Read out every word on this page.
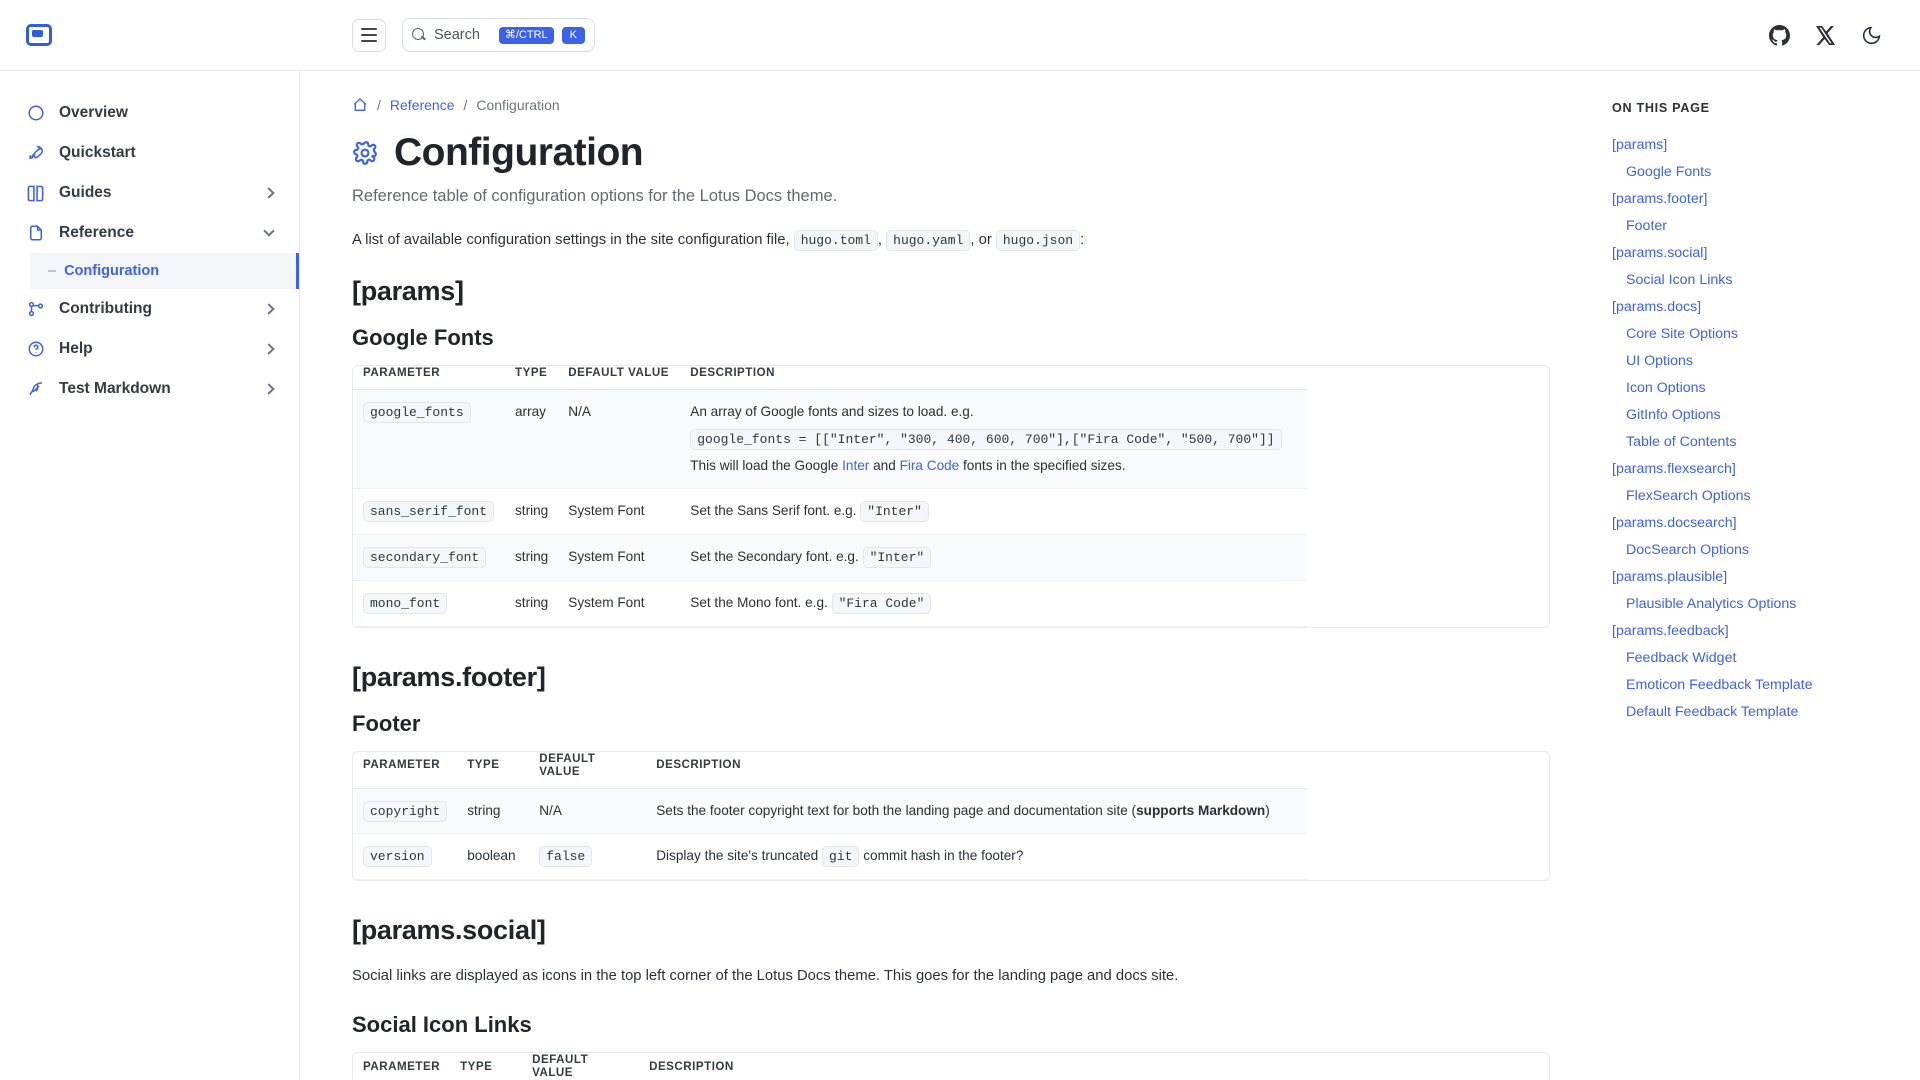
Search	⌘/CTRL	K
Overview
Quickstart
Guides
Reference
– Configuration
Contributing
Help
Test Markdown
/ Reference / Configuration
Configuration
Reference table of configuration options for the Lotus Docs theme.

A list of available configuration settings in the site configuration file, hugo.toml , hugo.yaml , or hugo.json :

[params]
Google Fonts
PARAMETER	TYPE	DEFAULT VALUE	DESCRIPTION
google_fonts	array	N/A	An array of Google fonts and sizes to load. e.g.
google_fonts = [["Inter", "300, 400, 600, 700"],["Fira Code", "500, 700"]]
This will load the Google Inter and Fira Code fonts in the specified sizes.

sans_serif_font	string	System Font	Set the Sans Serif font. e.g. "Inter"
secondary_font	string	System Font	Set the Secondary font. e.g. "Inter"
mono_font	string	System Font	Set the Mono font. e.g. "Fira Code"
[params.footer]
Footer
PARAMETER	TYPE	DEFAULT VALUE	DESCRIPTION
copyright	string	N/A	Sets the footer copyright text for both the landing page and documentation site (supports Markdown)
version	boolean	false	Display the site's truncated git commit hash in the footer?
[params.social]

Social links are displayed as icons in the top left corner of the Lotus Docs theme. This goes for the landing page and docs site.

Social Icon Links
PARAMETER	TYPE	DEFAULT VALUE	DESCRIPTION

ON THIS PAGE
[params]
Google Fonts
[params.footer]
Footer
[params.social]
Social Icon Links
[params.docs]
Core Site Options
UI Options
Icon Options
GitInfo Options
Table of Contents
[params.flexsearch]
FlexSearch Options
[params.docsearch]
DocSearch Options
[params.plausible]
Plausible Analytics Options
[params.feedback]
Feedback Widget
Emoticon Feedback Template
Default Feedback Template
